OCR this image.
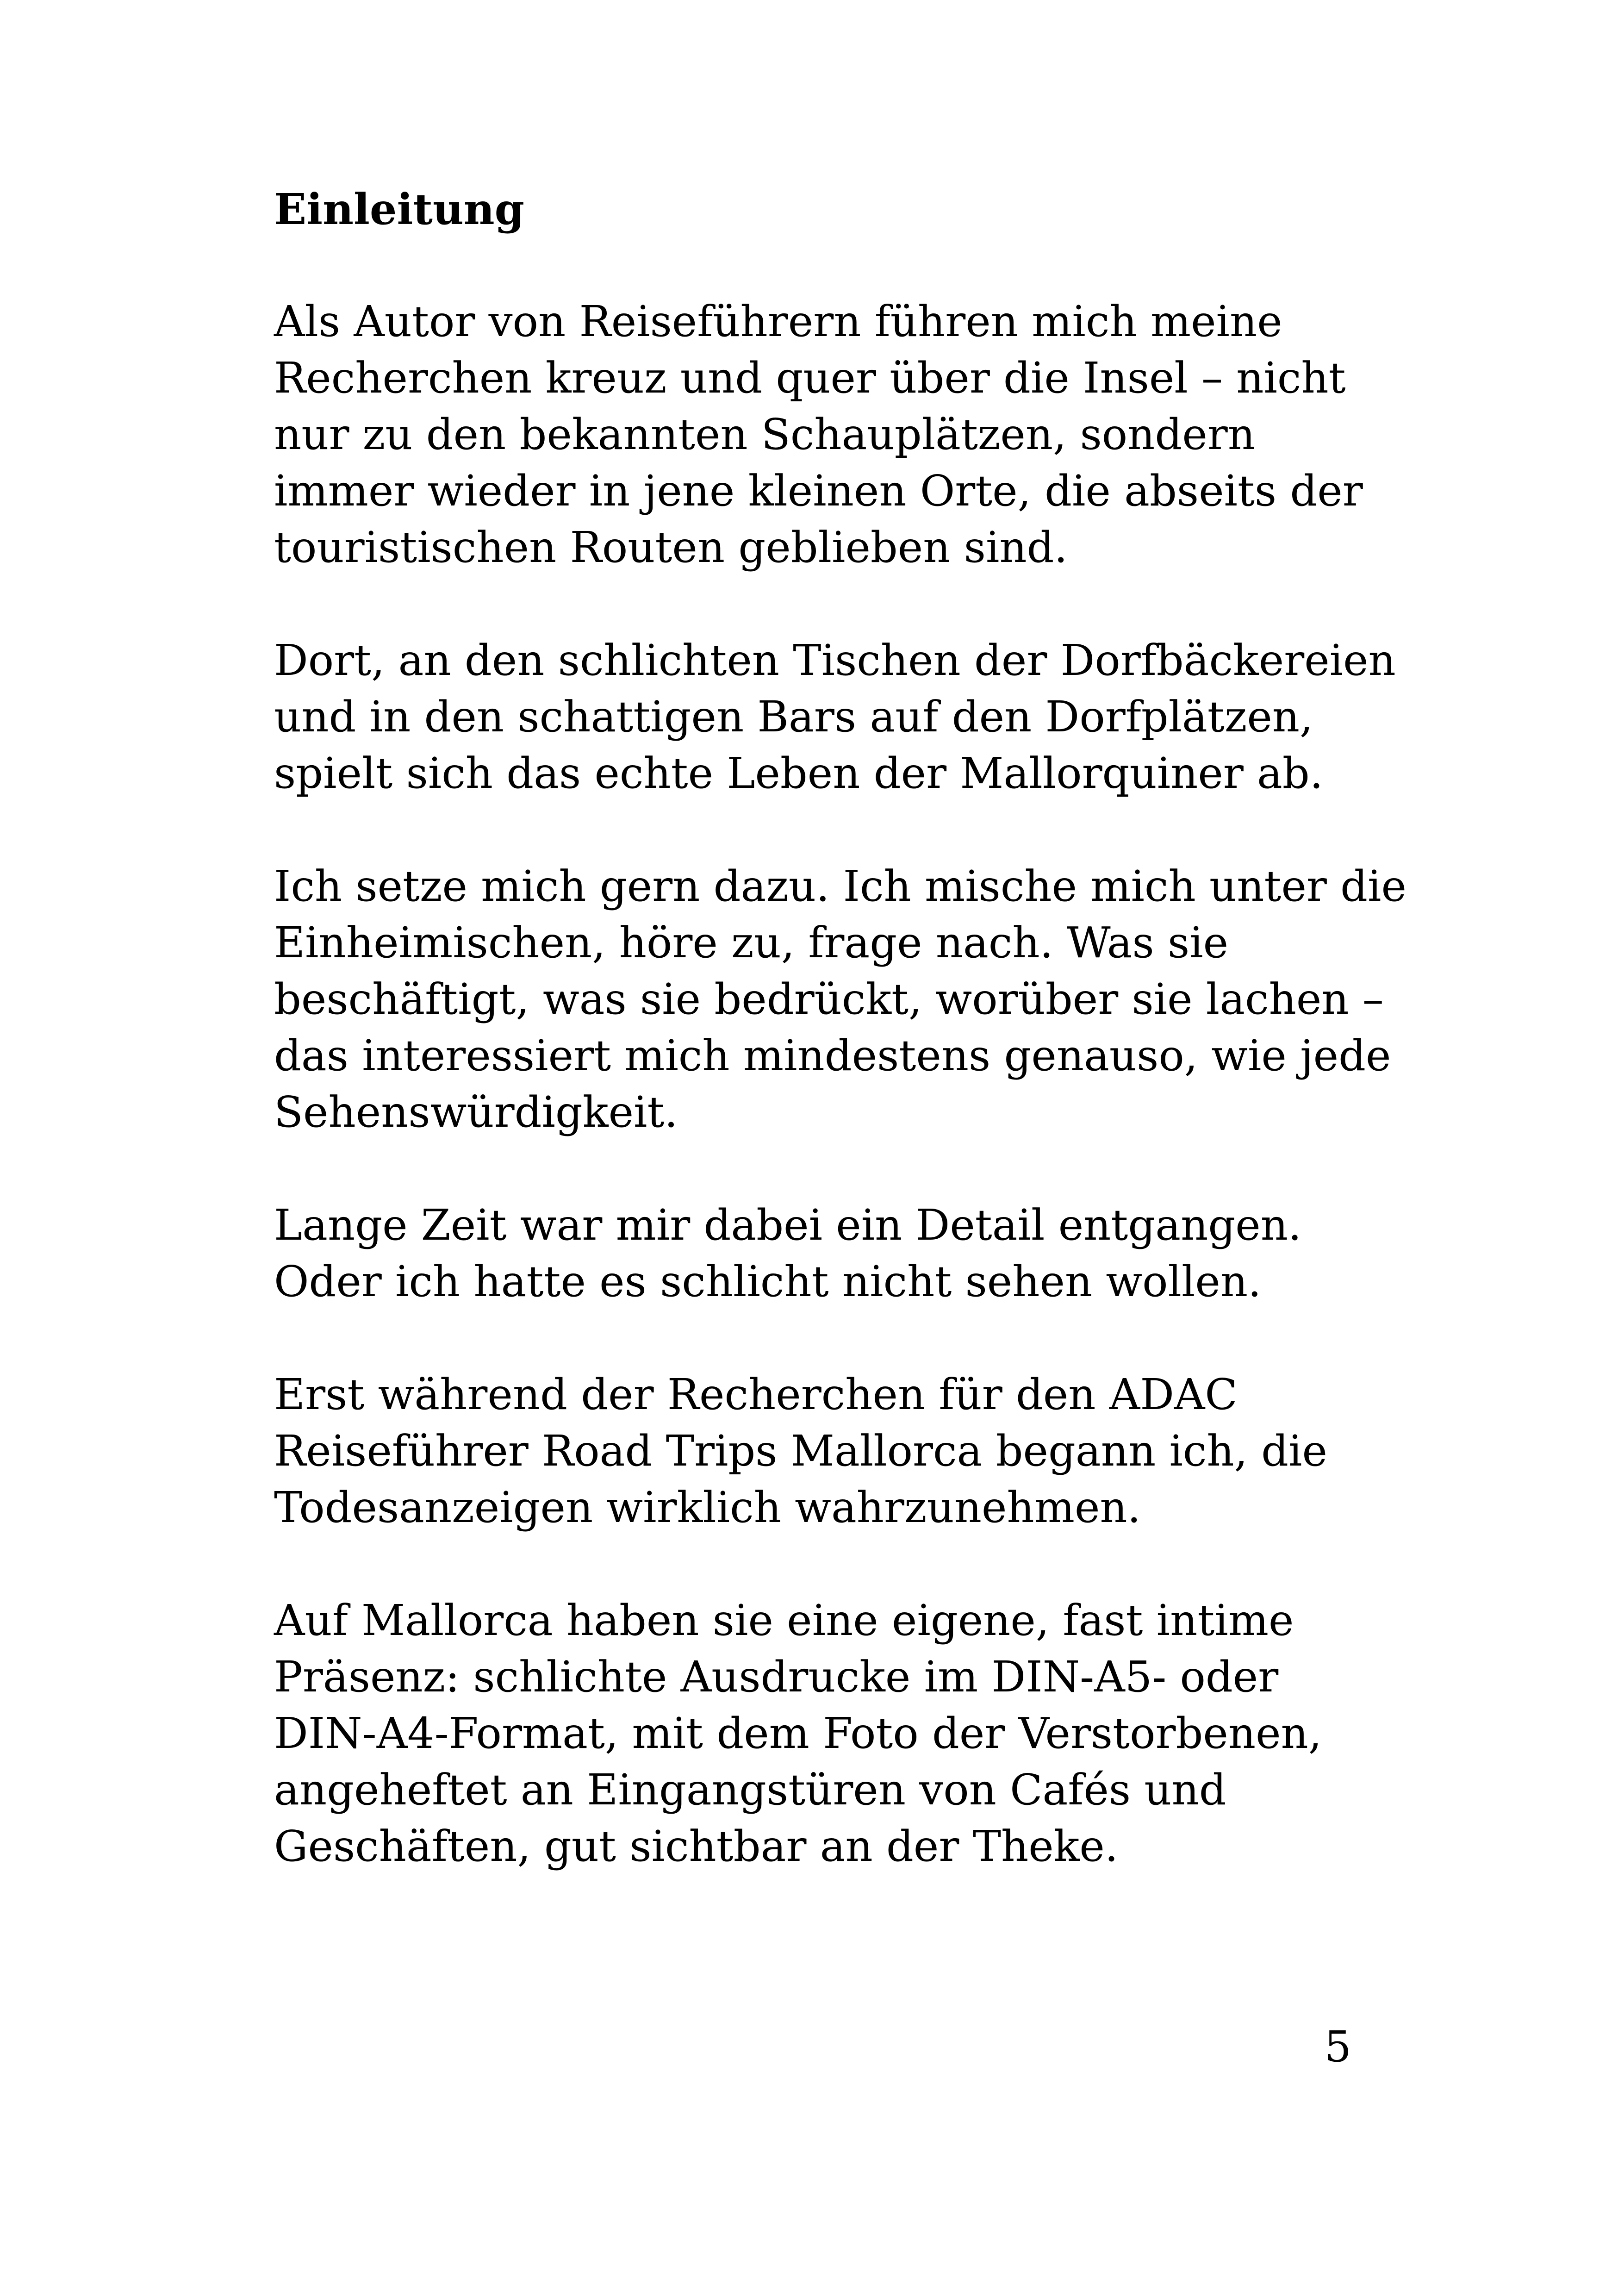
Einleitung
Als Autor von Reiseführern führen mich meine
Recherchen kreuz und quer über die Insel – nicht
nur zu den bekannten Schauplätzen, sondern
immer wieder in jene kleinen Orte, die abseits der
touristischen Routen geblieben sind.
Dort, an den schlichten Tischen der Dorfbäckereien
und in den schattigen Bars auf den Dorfplätzen,
spielt sich das echte Leben der Mallorquiner ab.
Ich setze mich gern dazu. Ich mische mich unter die
Einheimischen, höre zu, frage nach. Was sie
beschäftigt, was sie bedrückt, worüber sie lachen –
das interessiert mich mindestens genauso, wie jede
Sehenswürdigkeit.
Lange Zeit war mir dabei ein Detail entgangen.
Oder ich hatte es schlicht nicht sehen wollen.
Erst während der Recherchen für den ADAC
Reiseführer Road Trips Mallorca begann ich, die
Todesanzeigen wirklich wahrzunehmen.
Auf Mallorca haben sie eine eigene, fast intime
Präsenz: schlichte Ausdrucke im DIN-A5- oder
DIN-A4-Format, mit dem Foto der Verstorbenen,
angeheftet an Eingangstüren von Cafés und
Geschäften, gut sichtbar an der Theke.
5
